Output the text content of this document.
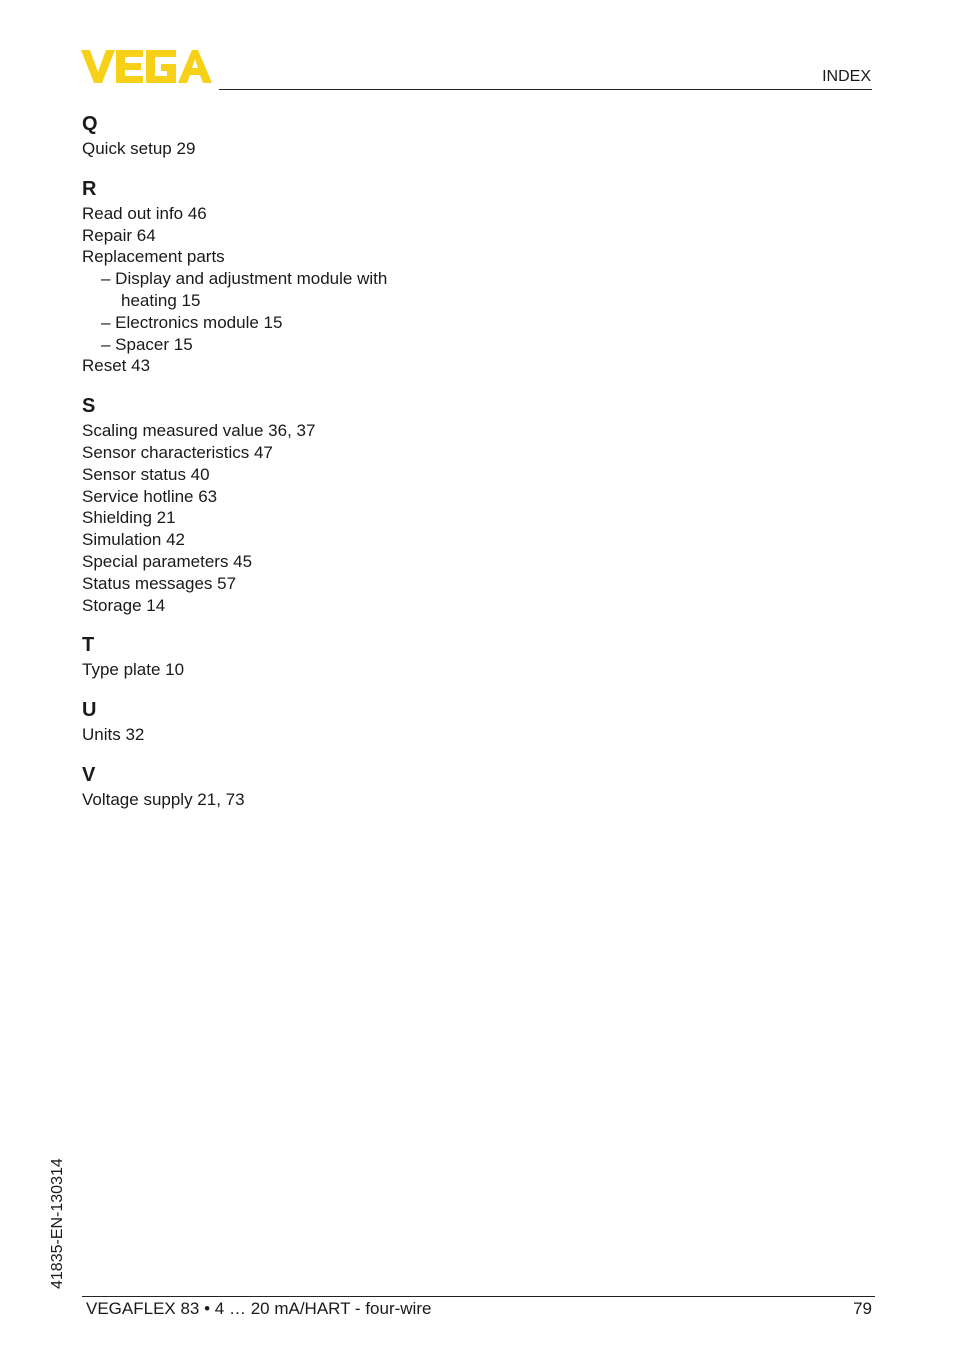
INDEX
Q
Quick setup 29
R
Read out info 46
Repair 64
Replacement parts
– Display and adjustment module with
heating 15
– Electronics module 15
– Spacer 15
Reset 43
S
Scaling measured value 36, 37
Sensor characteristics 47
Sensor status 40
Service hotline 63
Shielding 21
Simulation 42
Special parameters 45
Status messages 57
Storage 14
T
Type plate 10
U
Units 32
V
Voltage supply 21, 73
41835-EN-130314
VEGAFLEX 83 • 4 … 20 mA/HART - four-wire	79
